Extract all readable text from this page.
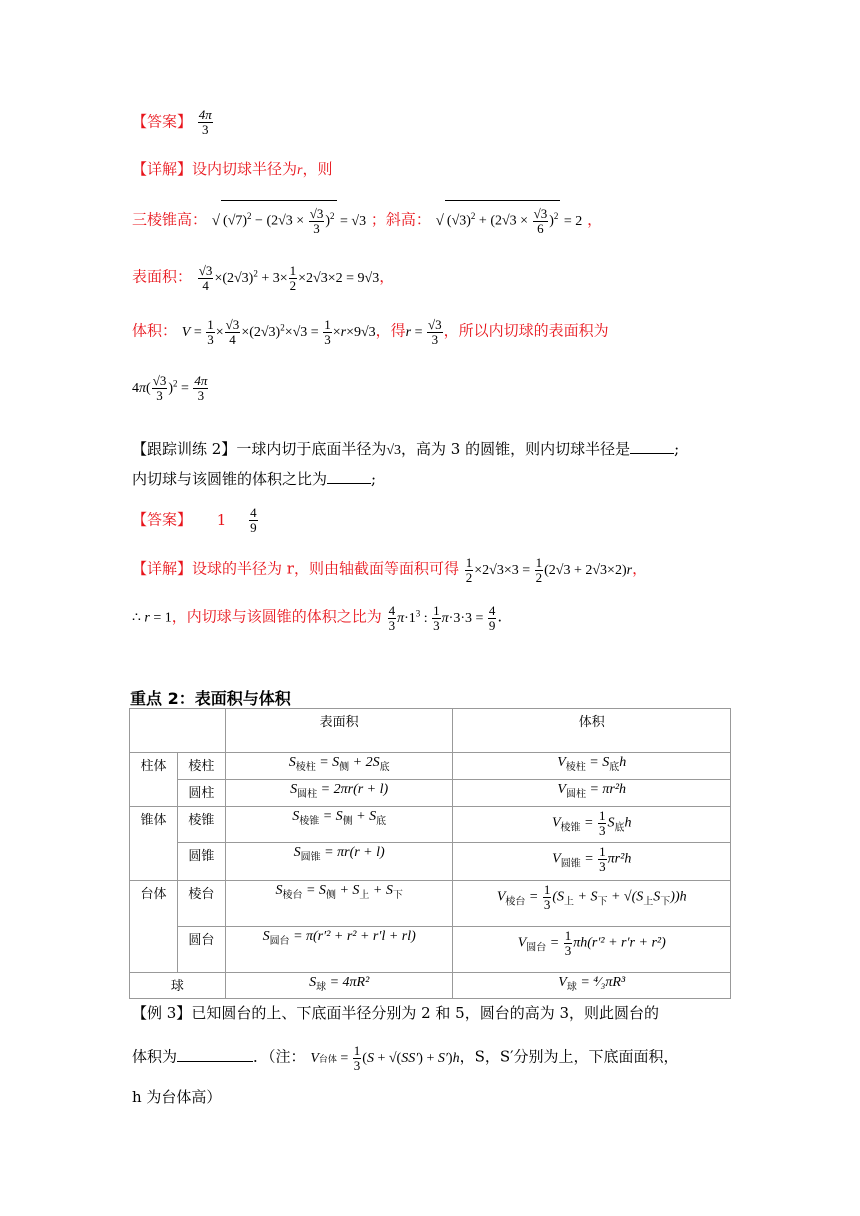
【答案】 $\frac{4\pi}{3}$
【详解】设内切球半径为r，则
三棱锥高： √ $(√7)^2 - (2√3 \times \frac{√3}{3} )^2 = √3$ ；斜高： √ $(√3)^2 + (2√3 \times \frac{√3}{6} )^2 = 2$ ，
表面积： $\frac{√3}{4} \times(2√3)^2 + 3\times \frac{1}{2} \times 2√3\times 2 = 9√3$，
体积： $V = \frac{1}{3} \times \frac{√3}{4} \times(2√3)^2\times√3 = \frac{1}{3} \times r\times 9√3$，得$r = \frac{√3}{3}$ ，所以内切球的表面积为
$4\pi( \frac{√3}{3} )^2 = \frac{4\pi}{3}$
【跟踪训练 2】一球内切于底面半径为√3，高为 3 的圆锥，则内切球半径是	;
内切球与该圆锥的体积之比为	;
【答案】 $1 \frac{4}{9}$
【详解】设球的半径为 r，则由轴截面等面积可得 $\frac{1}{2} \times 2√3\times 3 = \frac{1}{2} (2√3 + 2√3\times 2)r$，
∴ r = 1，内切球与该圆锥的体积之比为 $\frac{4}{3} \pi\cdot 1^3$ : $\frac{1}{3} \pi\cdot 3\cdot 3 = \frac{4}{9}$ .
重点 2：表面积与体积
		表面积	体积
柱体	棱柱	$S_{棱柱} = S_侧 + 2S_底$	$V_{棱柱} = S_底h$
	圆柱	$S_{圆柱} = 2\pi r(r + l)$	$V_{圆柱} = \pi r^2h$
锥体	棱锥	$S_{棱锥} = S_侧 + S_底$	$V_{棱锥} = \frac{1}{3} S_底h$
	圆锥	$S_{圆锥} = \pi r(r + l)$	$V_{圆锥} = \frac{1}{3} \pi r^2h$
台体	棱台	$S_{棱台} = S_侧 + S_上 + S_下$	$V_{棱台} = \frac{1}{3} (S_上 + S_下 + √(S_上S_下))h$
	圆台	$S_{圆台} = \pi(r'^2 + r^2 + r'l + rl)$	$V_{圆台} = \frac{1}{3} \pi h(r'^2 + r'r + r^2)$
球		$S_球 = 4\pi R^2$	$V_球$ = ⁴⁄₃πR³
【例 3】已知圆台的上、下底面半径分别为 2 和 5，圆台的高为 3，则此圆台的
体积为	．（注： V台体 = $\frac{1}{3} (S + √(SS') + S')h$，S，S′分别为上，下底面面积，
h 为台体高）
